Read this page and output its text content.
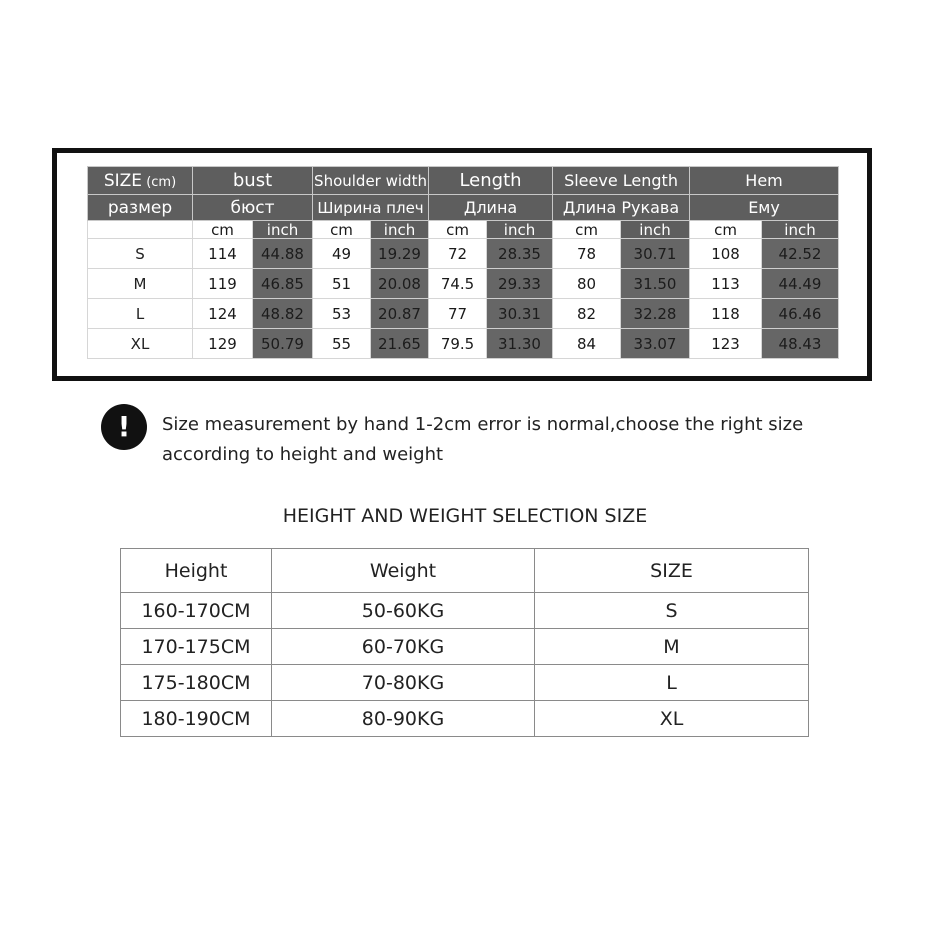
SIZE (cm)	bust		Shoulder width		Length		Sleeve Length		Hem	
размер	бюст		Ширина плеч		Длина		Длина Рукава		Ему	
	cm	inch	cm	inch	cm	inch	cm	inch	cm	inch
S	114	44.88	49	19.29	72	28.35	78	30.71	108	42.52
M	119	46.85	51	20.08	74.5	29.33	80	31.50	113	44.49
L	124	48.82	53	20.87	77	30.31	82	32.28	118	46.46
XL	129	50.79	55	21.65	79.5	31.30	84	33.07	123	48.43
!	Size measurement by hand 1-2cm error is normal,choose the right size according to height and weight
HEIGHT AND WEIGHT SELECTION SIZE
Height	Weight	SIZE
160-170CM	50-60KG	S
170-175CM	60-70KG	M
175-180CM	70-80KG	L
180-190CM	80-90KG	XL
